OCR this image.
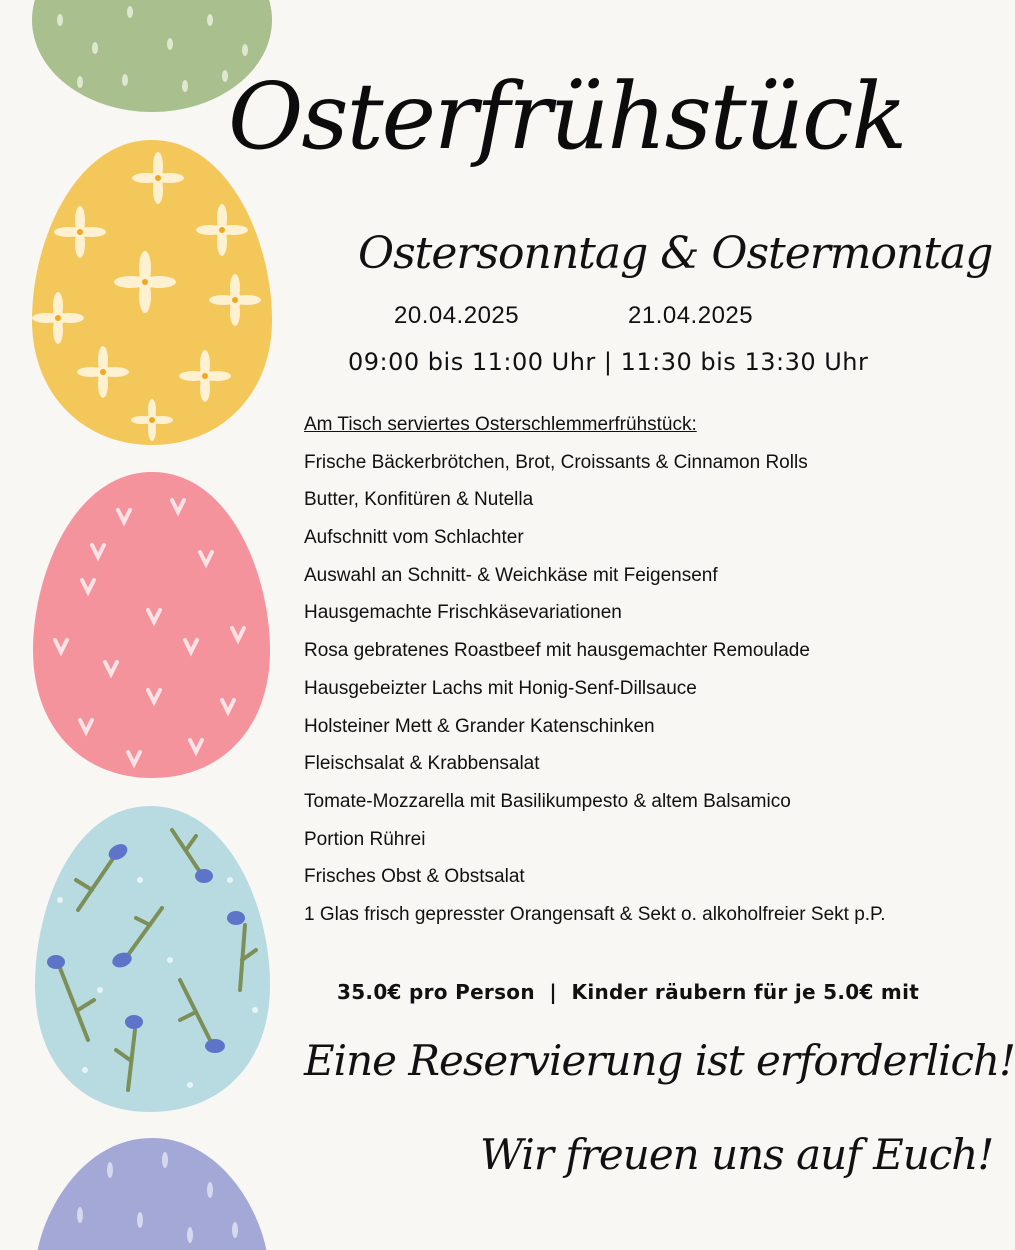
Osterfrühstück
Ostersonntag & Ostermontag
20.04.2025	21.04.2025
09:00 bis 11:00 Uhr | 11:30 bis 13:30 Uhr
Am Tisch serviertes Osterschlemmerfrühstück:
Frische Bäckerbrötchen, Brot, Croissants & Cinnamon Rolls
Butter, Konfitüren & Nutella
Aufschnitt vom Schlachter
Auswahl an Schnitt- & Weichkäse mit Feigensenf
Hausgemachte Frischkäsevariationen
Rosa gebratenes Roastbeef mit hausgemachter Remoulade
Hausgebeizter Lachs mit Honig-Senf-Dillsauce
Holsteiner Mett & Grander Katenschinken
Fleischsalat & Krabbensalat
Tomate-Mozzarella mit Basilikumpesto & altem Balsamico
Portion Rührei
Frisches Obst & Obstsalat
1 Glas frisch gepresster Orangensaft & Sekt o. alkoholfreier Sekt p.P.
35.0€ pro Person  |  Kinder räubern für je 5.0€ mit
Eine Reservierung ist erforderlich!
Wir freuen uns auf Euch!
